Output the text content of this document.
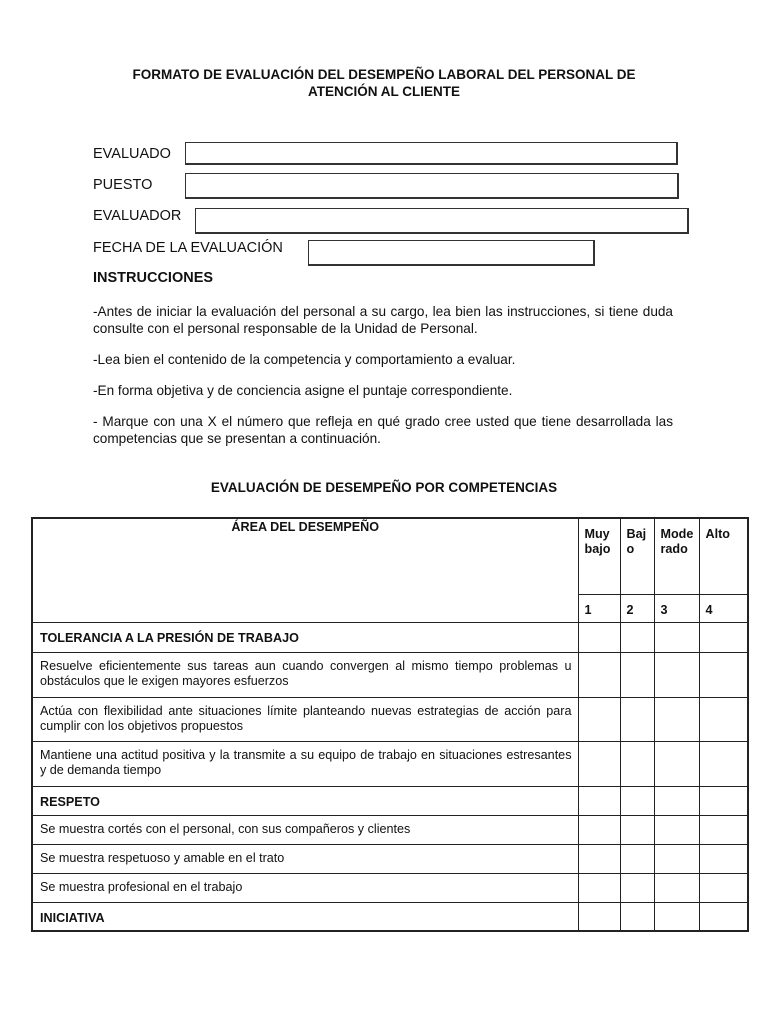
FORMATO DE EVALUACIÓN DEL DESEMPEÑO LABORAL DEL PERSONAL DE
ATENCIÓN AL CLIENTE
EVALUADO
PUESTO
EVALUADOR
FECHA DE LA EVALUACIÓN
INSTRUCCIONES

-Antes de iniciar la evaluación del personal a su cargo, lea bien las instrucciones, si tiene duda consulte con el personal responsable de la Unidad de Personal.

-Lea bien el contenido de la competencia y comportamiento a evaluar.

-En forma objetiva y de conciencia asigne el puntaje correspondiente.

- Marque con una X el número que refleja en qué grado cree usted que tiene desarrollada las competencias que se presentan a continuación.

EVALUACIÓN DE DESEMPEÑO POR COMPETENCIAS
ÁREA DEL DESEMPEÑO	Muy bajo	Bajo	Moderado	Alto
	1	2	3	4
TOLERANCIA A LA PRESIÓN DE TRABAJO				
Resuelve eficientemente sus tareas aun cuando convergen al mismo tiempo problemas u obstáculos que le exigen mayores esfuerzos				
Actúa con flexibilidad ante situaciones límite planteando nuevas estrategias de acción para cumplir con los objetivos propuestos				
Mantiene una actitud positiva y la transmite a su equipo de trabajo en situaciones estresantes y de demanda tiempo				
RESPETO				
Se muestra cortés con el personal, con sus compañeros y clientes				
Se muestra respetuoso y amable en el trato				
Se muestra profesional en el trabajo				
INICIATIVA				
